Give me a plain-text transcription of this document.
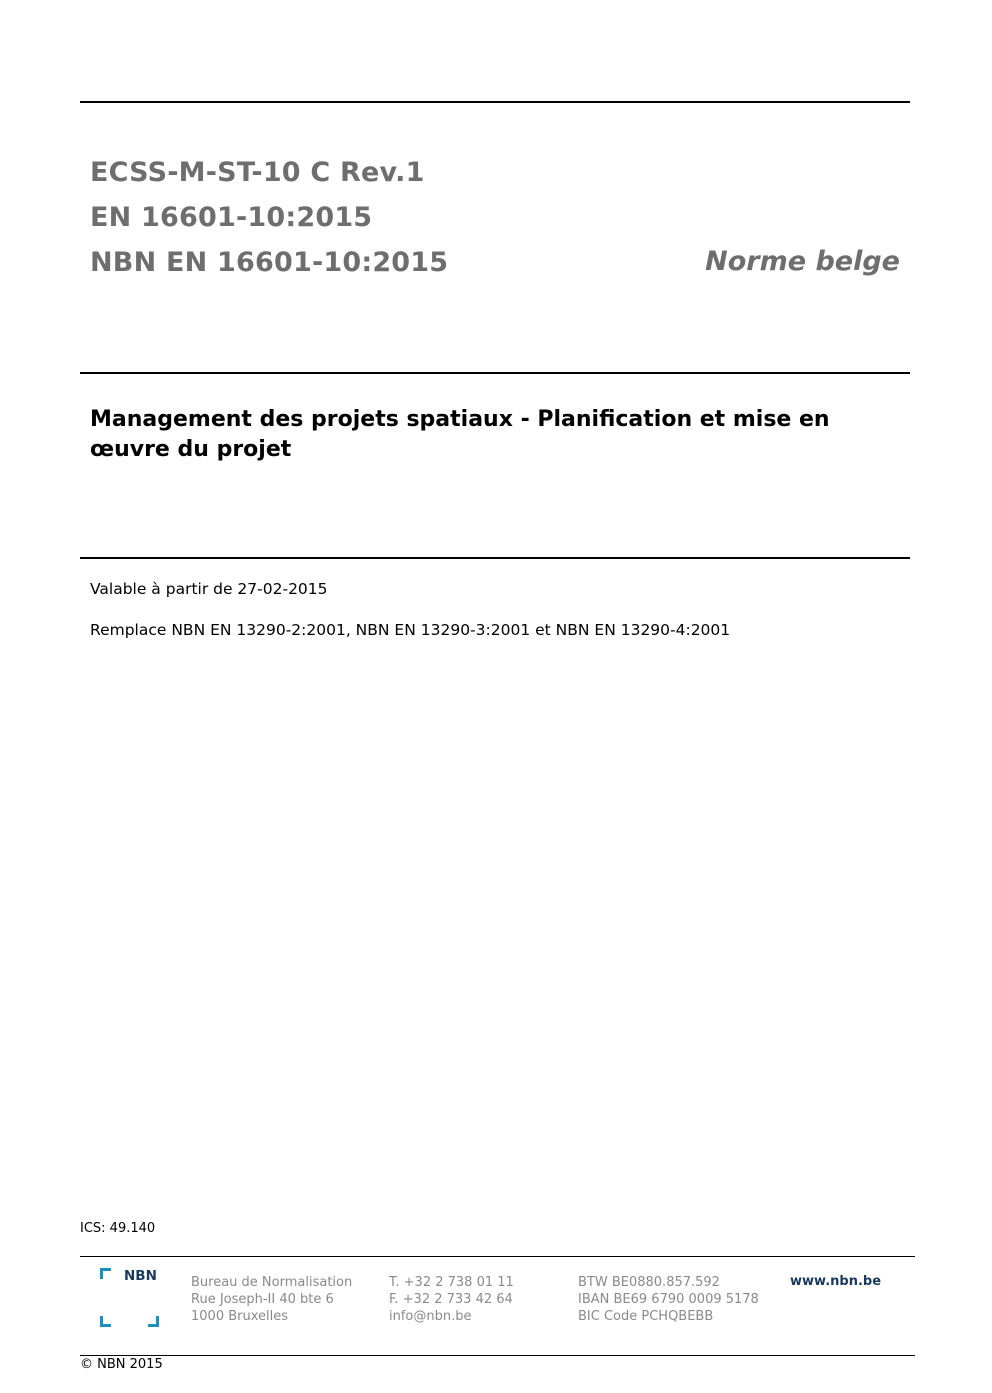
ECSS-M-ST-10 C Rev.1
EN 16601-10:2015
NBN EN 16601-10:2015	Norme belge
Management des projets spatiaux - Planification et mise en œuvre du projet
Valable à partir de 27-02-2015
Remplace NBN EN 13290-2:2001, NBN EN 13290-3:2001 et NBN EN 13290-4:2001
ICS: 49.140
NBN	Bureau de Normalisation
Rue Joseph-II 40 bte 6
1000 Bruxelles
T. +32 2 738 01 11
F. +32 2 733 42 64
info@nbn.be
BTW BE0880.857.592
IBAN BE69 6790 0009 5178
BIC Code PCHQBEBB
www.nbn.be
© NBN 2015
